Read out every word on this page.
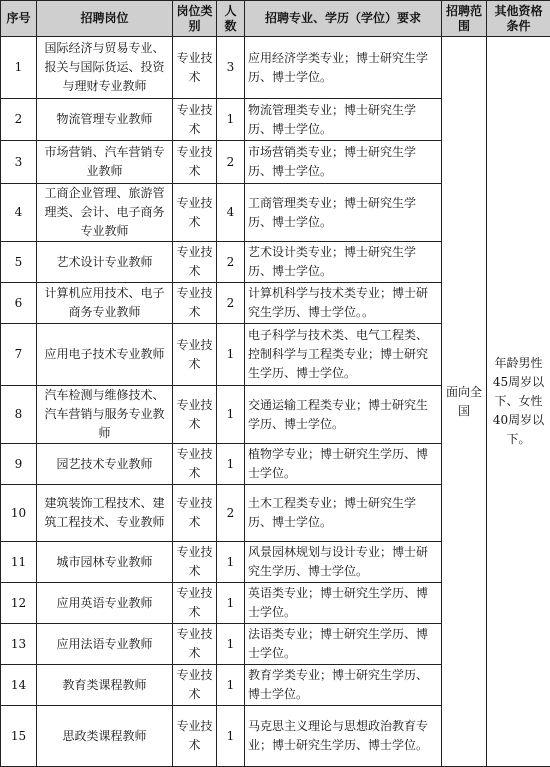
序号	招聘岗位	岗位类别	人数	招聘专业、学历（学位）要求	招聘范围	其他资格条件
1	国际经济与贸易专业、报关与国际货运、投资与理财专业教师	专业技术	3	应用经济学类专业；博士研究生学历、博士学位。	面向全国	年龄男性45周岁以下、女性40周岁以下。
2	物流管理专业教师	专业技术	1	物流管理类专业；博士研究生学历、博士学位。		
3	市场营销、汽车营销专业教师	专业技术	2	市场营销类专业；博士研究生学历、博士学位。		
4	工商企业管理、旅游管理类、会计、电子商务专业教师	专业技术	4	工商管理类专业；博士研究生学历、博士学位。		
5	艺术设计专业教师	专业技术	2	艺术设计类专业；博士研究生学历、博士学位。		
6	计算机应用技术、电子商务专业教师	专业技术	2	计算机科学与技术类专业；博士研究生学历、博士学位。。		
7	应用电子技术专业教师	专业技术	1	电子科学与技术类、电气工程类、控制科学与工程类专业；博士研究生学历、博士学位。		
8	汽车检测与维修技术、汽车营销与服务专业教师	专业技术	1	交通运输工程类专业；博士研究生学历、博士学位。		
9	园艺技术专业教师	专业技术	1	植物学专业；博士研究生学历、博士学位。		
10	建筑装饰工程技术、建筑工程技术、专业教师	专业技术	2	土木工程类专业；博士研究生学历、博士学位。		
11	城市园林专业教师	专业技术	1	风景园林规划与设计专业；博士研究生学历、博士学位。		
12	应用英语专业教师	专业技术	1	英语类专业；博士研究生学历、博士学位。		
13	应用法语专业教师	专业技术	1	法语类专业；博士研究生学历、博士学位。		
14	教育类课程教师	专业技术	1	教育学类专业；博士研究生学历、博士学位。		
15	思政类课程教师	专业技术	1	马克思主义理论与思想政治教育专业；博士研究生学历、博士学位。		
